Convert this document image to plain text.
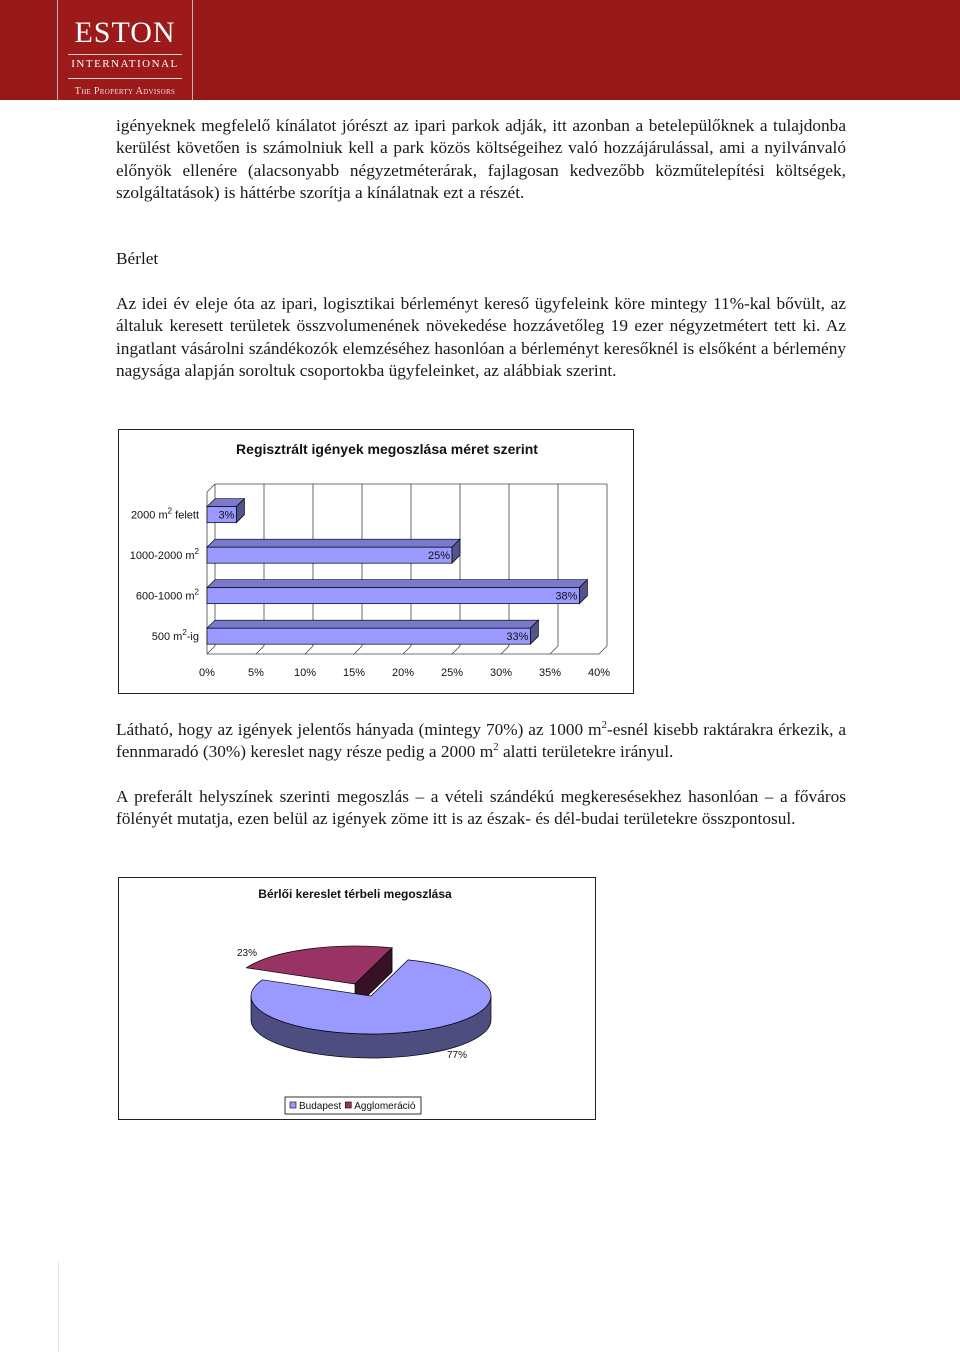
ESTON
INTERNATIONAL
The Property Advisors

igényeknek megfelelő kínálatot jórészt az ipari parkok adják, itt azonban a betelepülőknek a tulajdonba kerülést követően is számolniuk kell a park közös költségeihez való hozzájárulással, ami a nyilvánvaló előnyök ellenére (alacsonyabb négyzetméterárak, fajlagosan kedvezőbb közműtelepítési költségek, szolgáltatások) is háttérbe szorítja a kínálatnak ezt a részét.

Bérlet

Az idei év eleje óta az ipari, logisztikai bérleményt kereső ügyfeleink köre mintegy 11%-kal bővült, az általuk keresett területek összvolumenének növekedése hozzávetőleg 19 ezer négyzetmétert tett ki. Az ingatlant vásárolni szándékozók elemzéséhez hasonlóan a bérleményt keresőknél is elsőként a bérlemény nagysága alapján soroltuk csoportokba ügyfeleinket, az alábbiak szerint.

Regisztrált igények megoszlása méret szerint
0%	5%	10% 15% 20% 25% 30% 35% 40%
3%
2000 $m^2$ felett
25%
1000-2000 $m^2$
38%
600-1000 $m^2$
33%
500 $m^2-ig$

Látható, hogy az igények jelentős hányada (mintegy 70%) az 1000 $m^2$-esnél kisebb raktárakra érkezik, a fennmaradó (30%) kereslet nagy része pedig a 2000 $m^2$ alatti területekre irányul.

A preferált helyszínek szerinti megoszlás – a vételi szándékú megkeresésekhez hasonlóan – a főváros fölényét mutatja, ezen belül az igények zöme itt is az észak- és dél-budai területekre összpontosul.

Bérlői kereslet térbeli megoszlása
77%
23%
Budapest Agglomeráció
